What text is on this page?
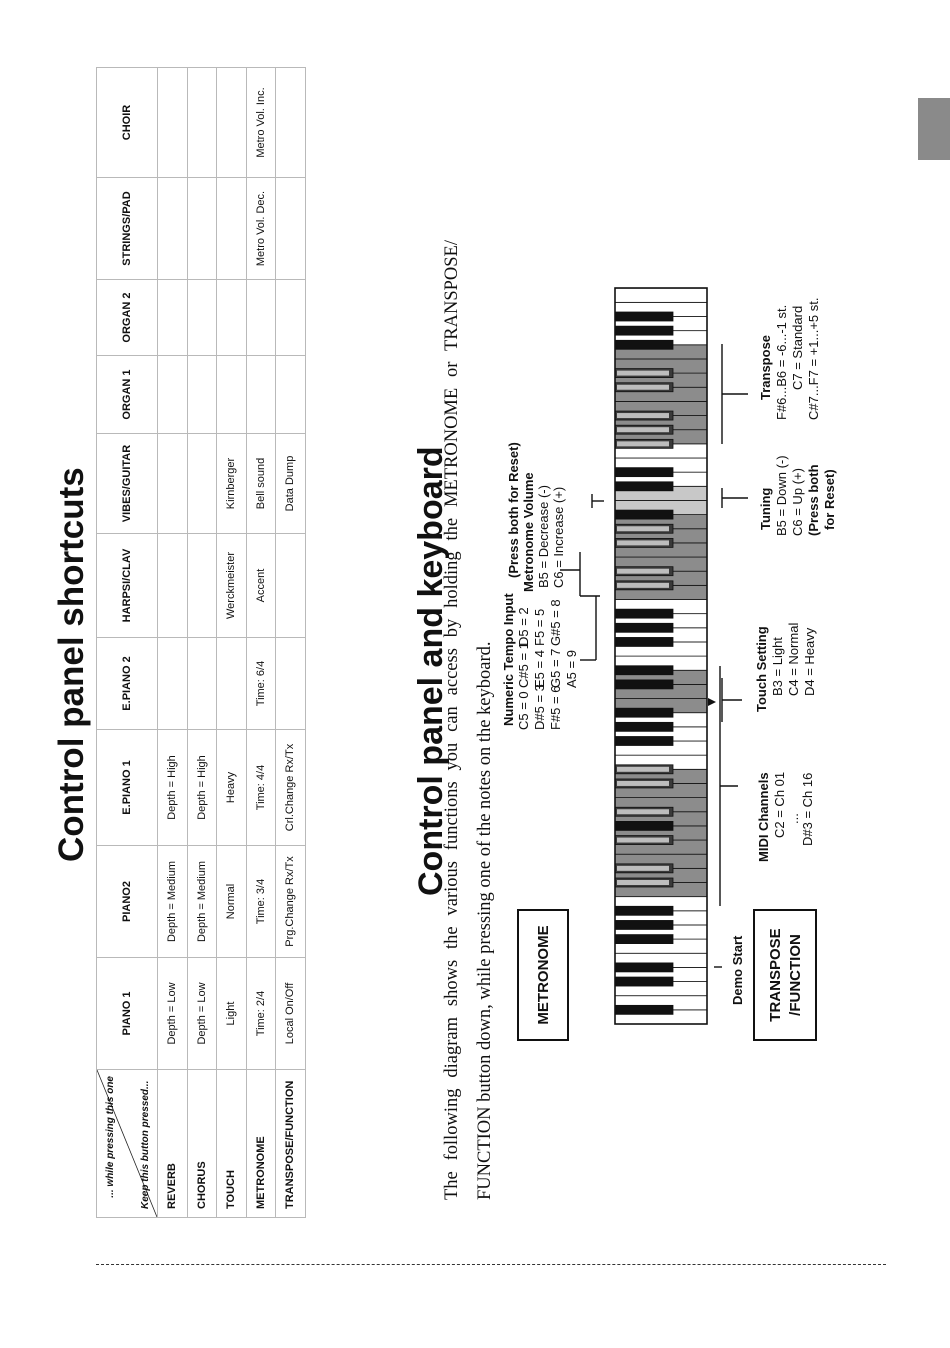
Control panel shortcuts
... while pressing this one Keep this button pressed...	PIANO 1	PIANO2	E.PIANO 1	E.PIANO 2	HARPSI/CLAV	VIBES/GUITAR	ORGAN 1	ORGAN 2	STRINGS/PAD	CHOIR
REVERB	Depth = Low	Depth = Medium	Depth = High							
CHORUS	Depth = Low	Depth = Medium	Depth = High							
TOUCH	Light	Normal	Heavy		Werckmeister	Kirnberger				
METRONOME	Time: 2/4	Time: 3/4	Time: 4/4	Time: 6/4	Accent	Bell sound			Metro Vol. Dec.	Metro Vol. Inc.
TRANSPOSE/FUNCTION	Local On/Off	Prg.Change Rx/Tx	Crl.Change Rx/Tx			Data Dump					Control panel and keyboard

The following diagram shows the various functions you can access by holding the METRONOME or TRANSPOSE/ FUNCTION button down, while pressing one of the notes on the keyboard.	METRONOME	TRANSPOSE /FUNCTION
Demo Start
MIDI Channels C2 = Ch 01 ... D#3 = Ch 16
Touch Setting B3 = Light C4 = Normal D4 = Heavy
Numeric Tempo Input C5 = 0 D#5 = 3 F#5 = 6
C#5 = 1 E5 = 4 G5 = 7 A5 = 9
D5 = 2 F5 = 5 G#5 = 8
(Press both for Reset) Metronome Volume B5 = Decrease (-) C6 = Increase (+)	Tuning B5 = Down (-) C6 = Up (+) (Press both for Reset)
Transpose F#6...B6 = -6...-1 st. C7 = Standard C#7...F7 = +1...+5 st.
